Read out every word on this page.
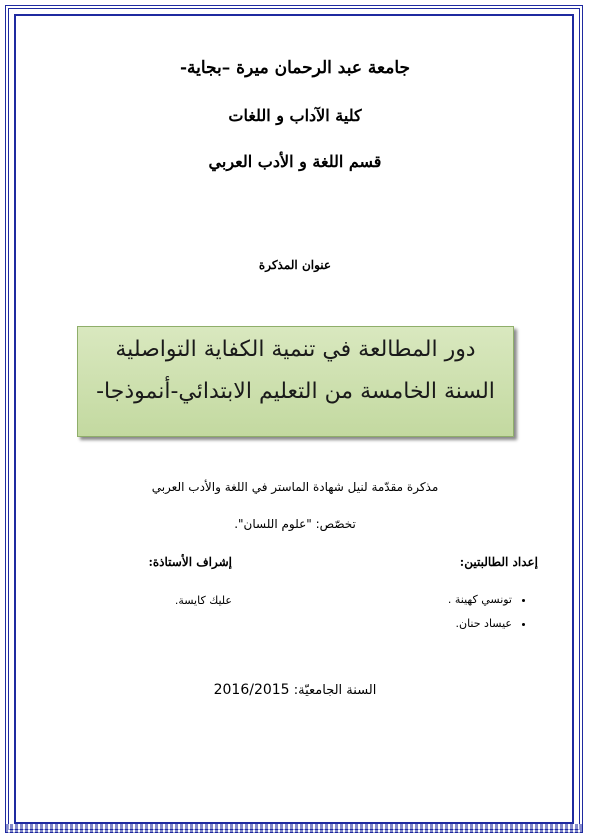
جامعة عبد الرحمان ميرة –بجاية-
كلية الآداب و اللغات
قسم اللغة و الأدب العربي
عنوان المذكرة
دور المطالعة في تنمية الكفاية التواصلية
السنة الخامسة من التعليم الابتدائي-أنموذجا-
مذكرة مقدّمة لنيل شهادة الماستر في اللغة والأدب العربي
تخصّص: "علوم اللسان".
إعداد الطالبتين:
إشراف الأستاذة:
• تونسي كهينة .
• عيساد حنان.
عليك كايسة.
السنة الجامعيّة: 2016/2015
